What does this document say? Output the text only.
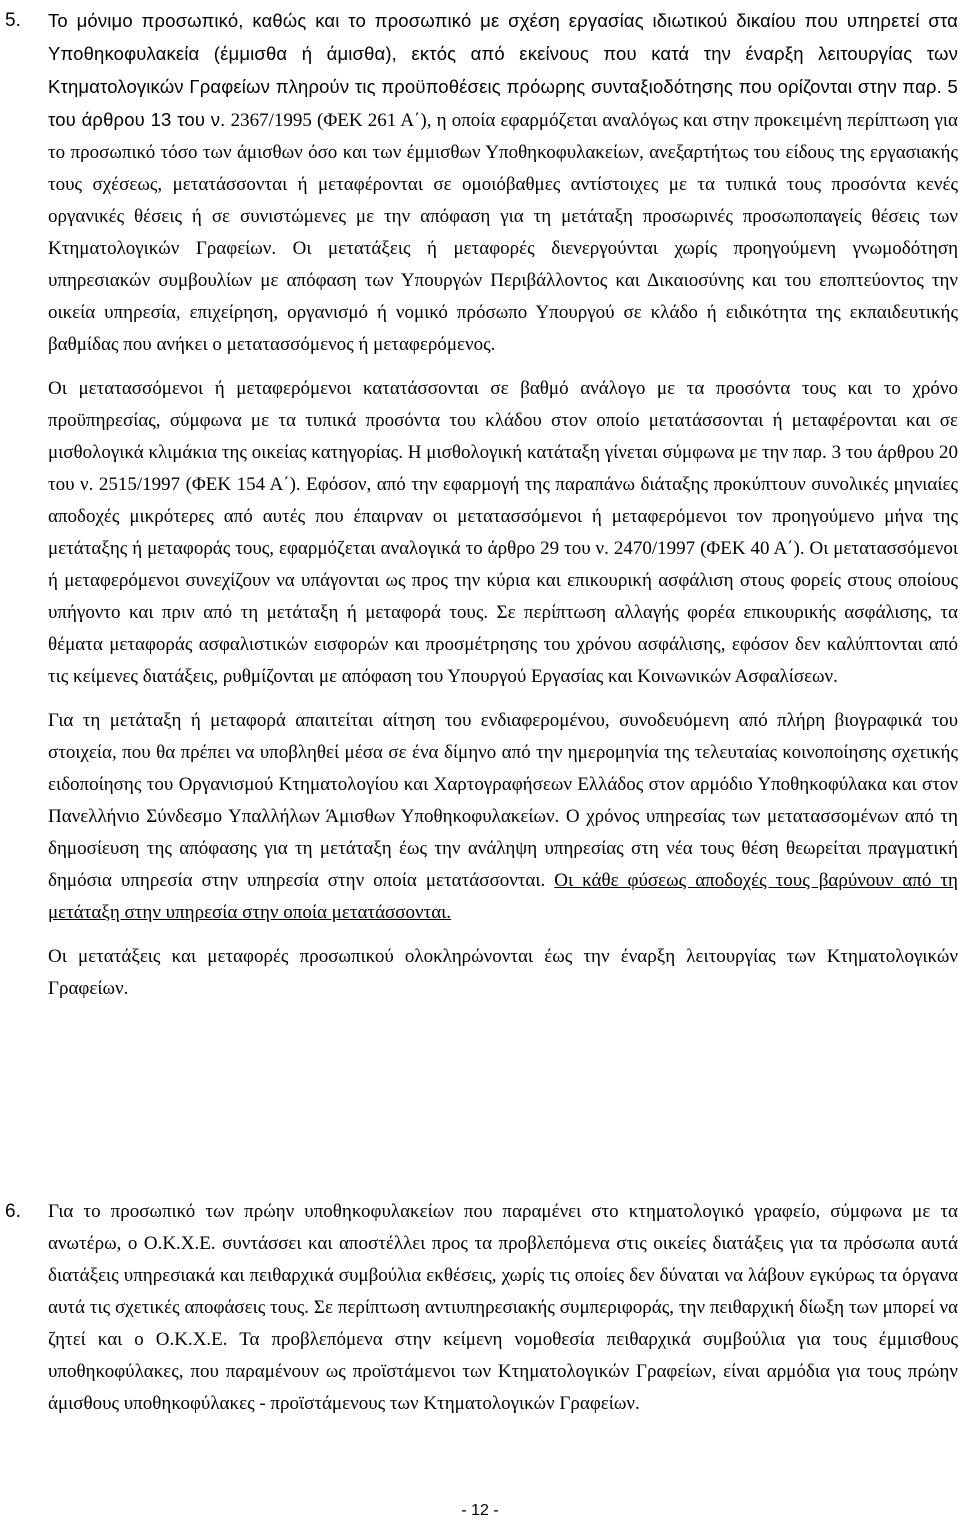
5. Το μόνιμο προσωπικό, καθώς και το προσωπικό με σχέση εργασίας ιδιωτικού δικαίου που υπηρετεί στα Υποθηκοφυλακεία (έμμισθα ή άμισθα), εκτός από εκείνους που κατά την έναρξη λειτουργίας των Κτηματολογικών Γραφείων πληρούν τις προϋποθέσεις πρόωρης συνταξιοδότησης που ορίζονται στην παρ. 5 του άρθρου 13 του ν. 2367/1995 (ΦΕΚ 261 Α΄), η οποία εφαρμόζεται αναλόγως και στην προκειμένη περίπτωση για το προσωπικό τόσο των άμισθων όσο και των έμμισθων Υποθηκοφυλακείων, ανεξαρτήτως του είδους της εργασιακής τους σχέσεως, μετατάσσονται ή μεταφέρονται σε ομοιόβαθμες αντίστοιχες με τα τυπικά τους προσόντα κενές οργανικές θέσεις ή σε συνιστώμενες με την απόφαση για τη μετάταξη προσωρινές προσωποπαγείς θέσεις των Κτηματολογικών Γραφείων. Οι μετατάξεις ή μεταφορές διενεργούνται χωρίς προηγούμενη γνωμοδότηση υπηρεσιακών συμβουλίων με απόφαση των Υπουργών Περιβάλλοντος και Δικαιοσύνης και του εποπτεύοντος την οικεία υπηρεσία, επιχείρηση, οργανισμό ή νομικό πρόσωπο Υπουργού σε κλάδο ή ειδικότητα της εκπαιδευτικής βαθμίδας που ανήκει ο μετατασσόμενος ή μεταφερόμενος.

Οι μετατασσόμενοι ή μεταφερόμενοι κατατάσσονται σε βαθμό ανάλογο με τα προσόντα τους και το χρόνο προϋπηρεσίας, σύμφωνα με τα τυπικά προσόντα του κλάδου στον οποίο μετατάσσονται ή μεταφέρονται και σε μισθολογικά κλιμάκια της οικείας κατηγορίας. Η μισθολογική κατάταξη γίνεται σύμφωνα με την παρ. 3 του άρθρου 20 του ν. 2515/1997 (ΦΕΚ 154 Α΄). Εφόσον, από την εφαρμογή της παραπάνω διάταξης προκύπτουν συνολικές μηνιαίες αποδοχές μικρότερες από αυτές που έπαιρναν οι μετατασσόμενοι ή μεταφερόμενοι τον προηγούμενο μήνα της μετάταξης ή μεταφοράς τους, εφαρμόζεται αναλογικά το άρθρο 29 του ν. 2470/1997 (ΦΕΚ 40 Α΄). Οι μετατασσόμενοι ή μεταφερόμενοι συνεχίζουν να υπάγονται ως προς την κύρια και επικουρική ασφάλιση στους φορείς στους οποίους υπήγοντο και πριν από τη μετάταξη ή μεταφορά τους. Σε περίπτωση αλλαγής φορέα επικουρικής ασφάλισης, τα θέματα μεταφοράς ασφαλιστικών εισφορών και προσμέτρησης του χρόνου ασφάλισης, εφόσον δεν καλύπτονται από τις κείμενες διατάξεις, ρυθμίζονται με απόφαση του Υπουργού Εργασίας και Κοινωνικών Ασφαλίσεων.

Για τη μετάταξη ή μεταφορά απαιτείται αίτηση του ενδιαφερομένου, συνοδευόμενη από πλήρη βιογραφικά του στοιχεία, που θα πρέπει να υποβληθεί μέσα σε ένα δίμηνο από την ημερομηνία της τελευταίας κοινοποίησης σχετικής ειδοποίησης του Οργανισμού Κτηματολογίου και Χαρτογραφήσεων Ελλάδος στον αρμόδιο Υποθηκοφύλακα και στον Πανελλήνιο Σύνδεσμο Υπαλλήλων Άμισθων Υποθηκοφυλακείων. Ο χρόνος υπηρεσίας των μετατασσομένων από τη δημοσίευση της απόφασης για τη μετάταξη έως την ανάληψη υπηρεσίας στη νέα τους θέση θεωρείται πραγματική δημόσια υπηρεσία στην υπηρεσία στην οποία μετατάσσονται. Οι κάθε φύσεως αποδοχές τους βαρύνουν από τη μετάταξη στην υπηρεσία στην οποία μετατάσσονται.

Οι μετατάξεις και μεταφορές προσωπικού ολοκληρώνονται έως την έναρξη λειτουργίας των Κτηματολογικών Γραφείων.

6. Για το προσωπικό των πρώην υποθηκοφυλακείων που παραμένει στο κτηματολογικό γραφείο, σύμφωνα με τα ανωτέρω, ο Ο.Κ.Χ.Ε. συντάσσει και αποστέλλει προς τα προβλεπόμενα στις οικείες διατάξεις για τα πρόσωπα αυτά διατάξεις υπηρεσιακά και πειθαρχικά συμβούλια εκθέσεις, χωρίς τις οποίες δεν δύναται να λάβουν εγκύρως τα όργανα αυτά τις σχετικές αποφάσεις τους. Σε περίπτωση αντιυπηρεσιακής συμπεριφοράς, την πειθαρχική δίωξη των μπορεί να ζητεί και ο Ο.Κ.Χ.Ε. Τα προβλεπόμενα στην κείμενη νομοθεσία πειθαρχικά συμβούλια για τους έμμισθους υποθηκοφύλακες, που παραμένουν ως προϊστάμενοι των Κτηματολογικών Γραφείων, είναι αρμόδια για τους πρώην άμισθους υποθηκοφύλακες - προϊστάμενους των Κτηματολογικών Γραφείων.

- 12 -
